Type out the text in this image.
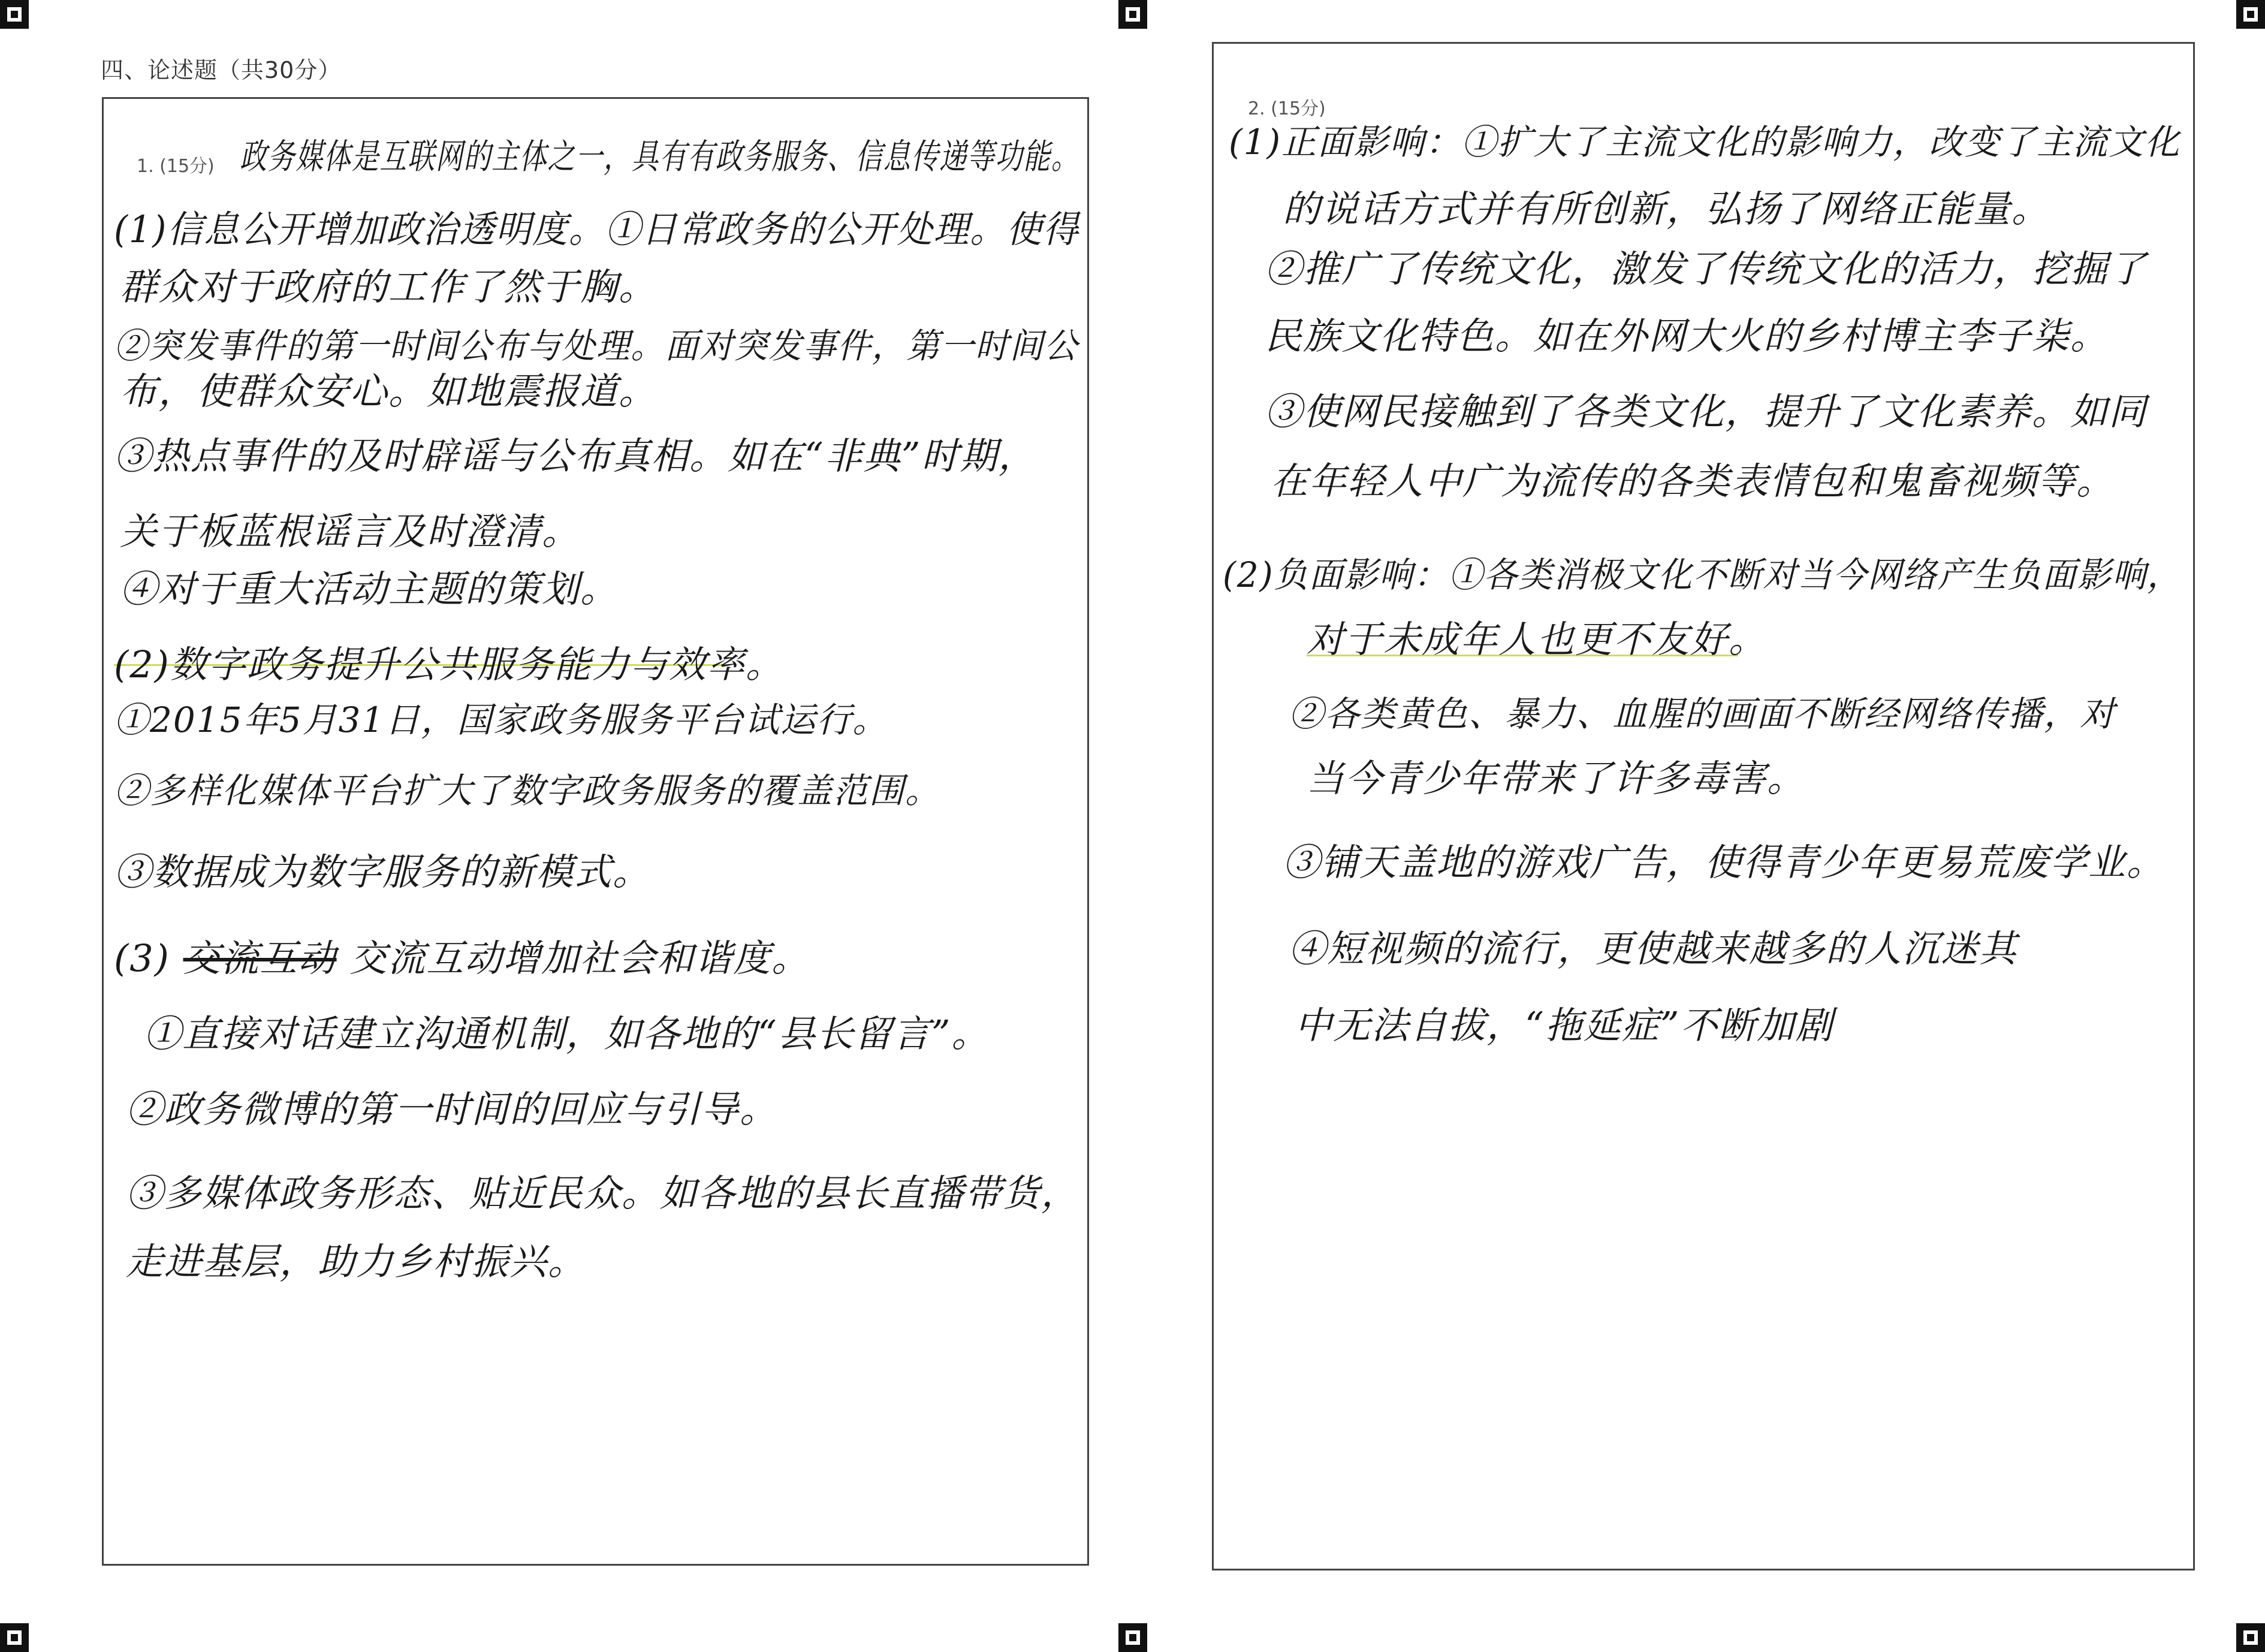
四、论述题（共30分）
1. (15分) 政务媒体是互联网的主体之一，具有有政务服务、信息传递等功能。
(1)信息公开增加政治透明度。①日常政务的公开处理。使得
群众对于政府的工作了然于胸。
②突发事件的第一时间公布与处理。面对突发事件，第一时间公
布，使群众安心。如地震报道。
③热点事件的及时辟谣与公布真相。如在“非典”时期，
关于板蓝根谣言及时澄清。
④对于重大活动主题的策划。
(2)数字政务提升公共服务能力与效率。
①2015年5月31日，国家政务服务平台试运行。
②多样化媒体平台扩大了数字政务服务的覆盖范围。
③数据成为数字服务的新模式。
(3) 交流互动 交流互动增加社会和谐度。
①直接对话建立沟通机制，如各地的“县长留言”。
②政务微博的第一时间的回应与引导。
③多媒体政务形态、贴近民众。如各地的县长直播带货，
走进基层，助力乡村振兴。
2. (15分)
(1)正面影响：①扩大了主流文化的影响力，改变了主流文化
的说话方式并有所创新，弘扬了网络正能量。
②推广了传统文化，激发了传统文化的活力，挖掘了
民族文化特色。如在外网大火的乡村博主李子柒。
③使网民接触到了各类文化，提升了文化素养。如同
在年轻人中广为流传的各类表情包和鬼畜视频等。
(2)负面影响：①各类消极文化不断对当今网络产生负面影响，
对于未成年人也更不友好。
②各类黄色、暴力、血腥的画面不断经网络传播，对
当今青少年带来了许多毒害。
③铺天盖地的游戏广告，使得青少年更易荒废学业。
④短视频的流行，更使越来越多的人沉迷其
中无法自拔，“拖延症”不断加剧
